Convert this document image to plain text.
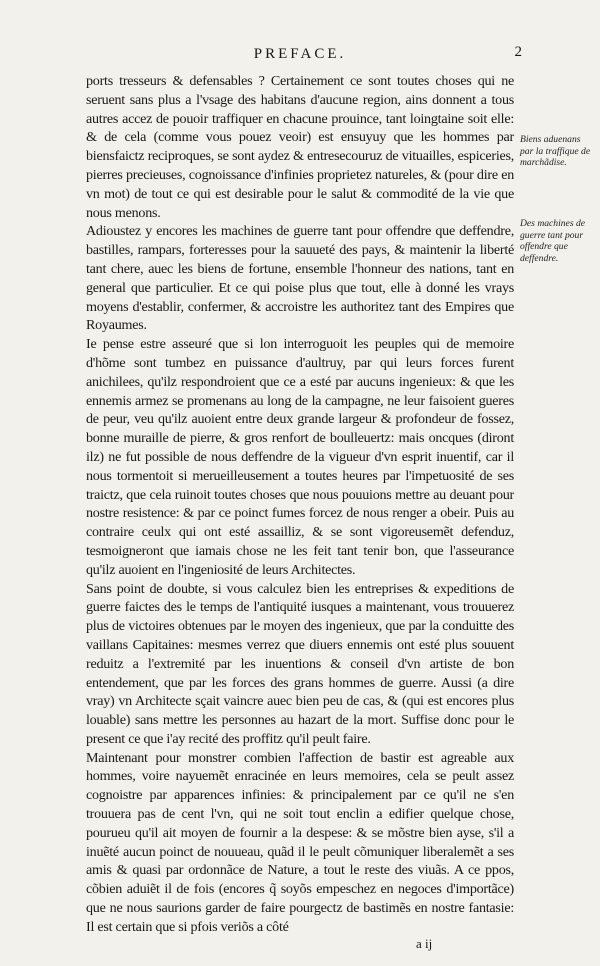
PREFACE.	2

ports tresseurs & defensables ? Certainement ce sont toutes choses qui ne seruent sans plus a l'vsage des habitans d'aucune region, ains donnent a tous autres accez de pouoir traffiquer en chacune prouince, tant loingtaine soit elle: & de cela (comme vous pouez veoir) est ensuyuy que les hommes par biensfaictz reciproques, se sont aydez & entresecouruz de vituailles, espiceries, pierres precieuses, cognoissance d'infinies proprietez natureles, & (pour dire en vn mot) de tout ce qui est desirable pour le salut & commodité de la vie que nous menons.

Adioustez y encores les machines de guerre tant pour offendre que deffendre, bastilles, rampars, forteresses pour la sauueté des pays, & maintenir la liberté tant chere, auec les biens de fortune, ensemble l'honneur des nations, tant en general que particulier. Et ce qui poise plus que tout, elle à donné les vrays moyens d'establir, confermer, & accroistre les authoritez tant des Empires que Royaumes.

Ie pense estre asseuré que si lon interroguoit les peuples qui de memoire d'hõme sont tumbez en puissance d'aultruy, par qui leurs forces furent anichilees, qu'ilz respondroient que ce a esté par aucuns ingenieux: & que les ennemis armez se promenans au long de la campagne, ne leur faisoient gueres de peur, veu qu'ilz auoient entre deux grande largeur & profondeur de fossez, bonne muraille de pierre, & gros renfort de boulleuertz: mais oncques (diront ilz) ne fut possible de nous deffendre de la vigueur d'vn esprit inuentif, car il nous tormentoit si merueilleusement a toutes heures par l'impetuosité de ses traictz, que cela ruinoit toutes choses que nous pouuions mettre au deuant pour nostre resistence: & par ce poinct fumes forcez de nous renger a obeir. Puis au contraire ceulx qui ont esté assailliz, & se sont vigoreusemẽt defenduz, tesmoigneront que iamais chose ne les feit tant tenir bon, que l'asseurance qu'ilz auoient en l'ingeniosité de leurs Architectes.

Sans point de doubte, si vous calculez bien les entreprises & expeditions de guerre faictes des le temps de l'antiquité iusques a maintenant, vous trouuerez plus de victoires obtenues par le moyen des ingenieux, que par la conduitte des vaillans Capitaines: mesmes verrez que diuers ennemis ont esté plus souuent reduitz a l'extremité par les inuentions & conseil d'vn artiste de bon entendement, que par les forces des grans hommes de guerre. Aussi (a dire vray) vn Architecte sçait vaincre auec bien peu de cas, & (qui est encores plus louable) sans mettre les personnes au hazart de la mort. Suffise donc pour le present ce que i'ay recité des proffitz qu'il peult faire.

Maintenant pour monstrer combien l'affection de bastir est agreable aux hommes, voire nayuemẽt enracinée en leurs memoires, cela se peult assez cognoistre par apparences infinies: & principalement par ce qu'il ne s'en trouuera pas de cent l'vn, qui ne soit tout enclin a edifier quelque chose, pourueu qu'il ait moyen de fournir a la despese: & se mõstre bien ayse, s'il a inuẽté aucun poinct de nouueau, quãd il le peult cõmuniquer liberalemẽt a ses amis & quasi par ordonnãce de Nature, a tout le reste des viuãs. A ce ppos, cõbien aduiẽt il de fois (encores q̃ soyõs empeschez en negoces d'importãce) que ne nous saurions garder de faire pourgectz de bastimẽs en nostre fantasie: Il est certain que si pfois veriõs a côté

Biens aduenans par la traffique de marchãdise.
Des machines de guerre tant pour offendre que deffendre.
a ij
